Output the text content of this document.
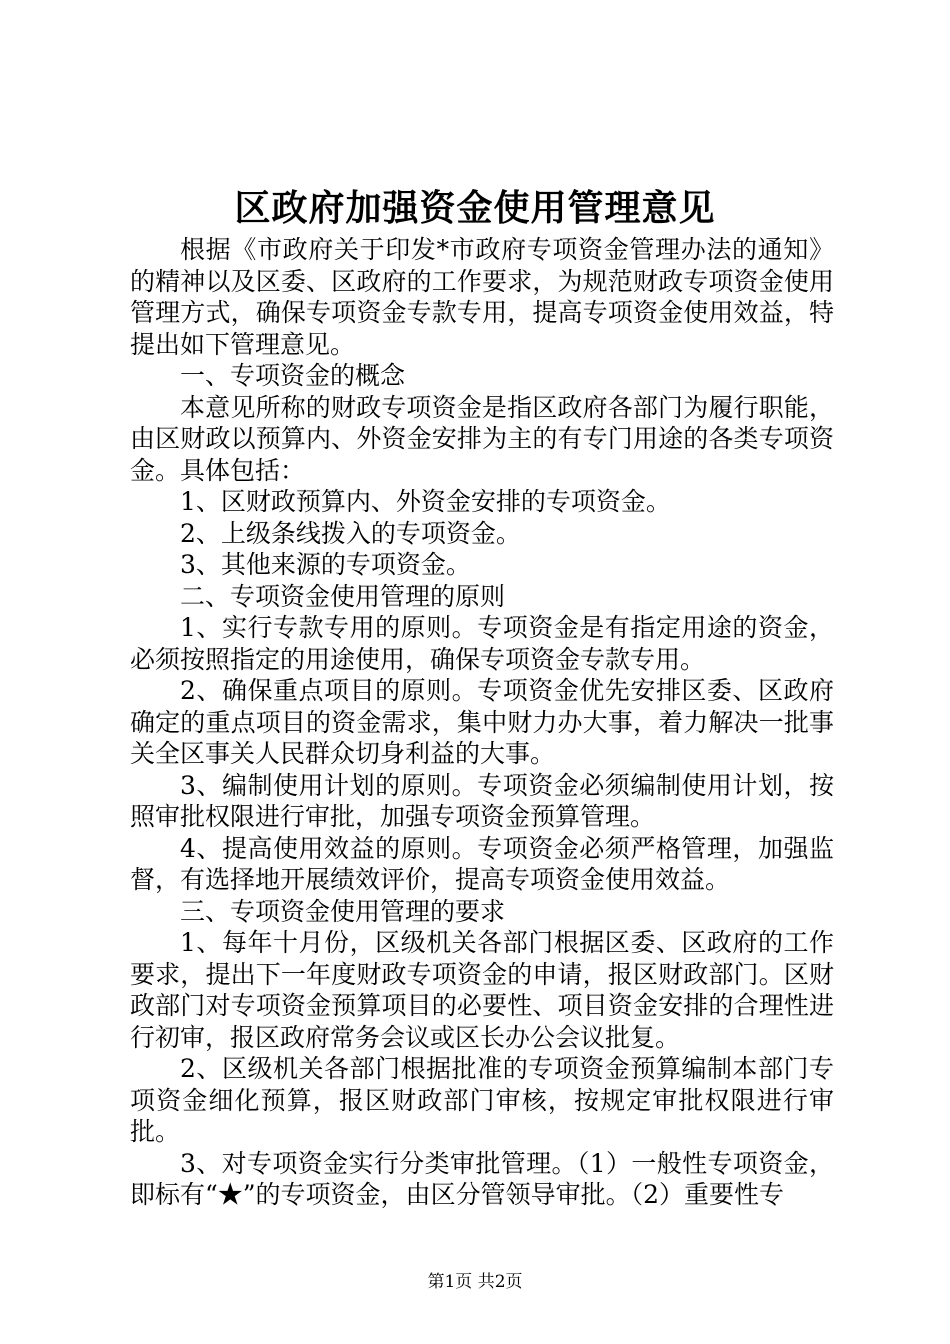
区政府加强资金使用管理意见

根据《市政府关于印发*市政府专项资金管理办法的通知》的精神以及区委、区政府的工作要求，为规范财政专项资金使用管理方式，确保专项资金专款专用，提高专项资金使用效益，特提出如下管理意见。

一、专项资金的概念

本意见所称的财政专项资金是指区政府各部门为履行职能，由区财政以预算内、外资金安排为主的有专门用途的各类专项资金。具体包括：

1、区财政预算内、外资金安排的专项资金。

2、上级条线拨入的专项资金。

3、其他来源的专项资金。

二、专项资金使用管理的原则

1、实行专款专用的原则。专项资金是有指定用途的资金，必须按照指定的用途使用，确保专项资金专款专用。

2、确保重点项目的原则。专项资金优先安排区委、区政府确定的重点项目的资金需求，集中财力办大事，着力解决一批事关全区事关人民群众切身利益的大事。

3、编制使用计划的原则。专项资金必须编制使用计划，按照审批权限进行审批，加强专项资金预算管理。

4、提高使用效益的原则。专项资金必须严格管理，加强监督，有选择地开展绩效评价，提高专项资金使用效益。

三、专项资金使用管理的要求

1、每年十月份，区级机关各部门根据区委、区政府的工作要求，提出下一年度财政专项资金的申请，报区财政部门。区财政部门对专项资金预算项目的必要性、项目资金安排的合理性进行初审，报区政府常务会议或区长办公会议批复。

2、区级机关各部门根据批准的专项资金预算编制本部门专项资金细化预算，报区财政部门审核，按规定审批权限进行审批。

3、对专项资金实行分类审批管理。（1）一般性专项资金，即标有“★”的专项资金，由区分管领导审批。（2）重要性专

第1页 共2页
